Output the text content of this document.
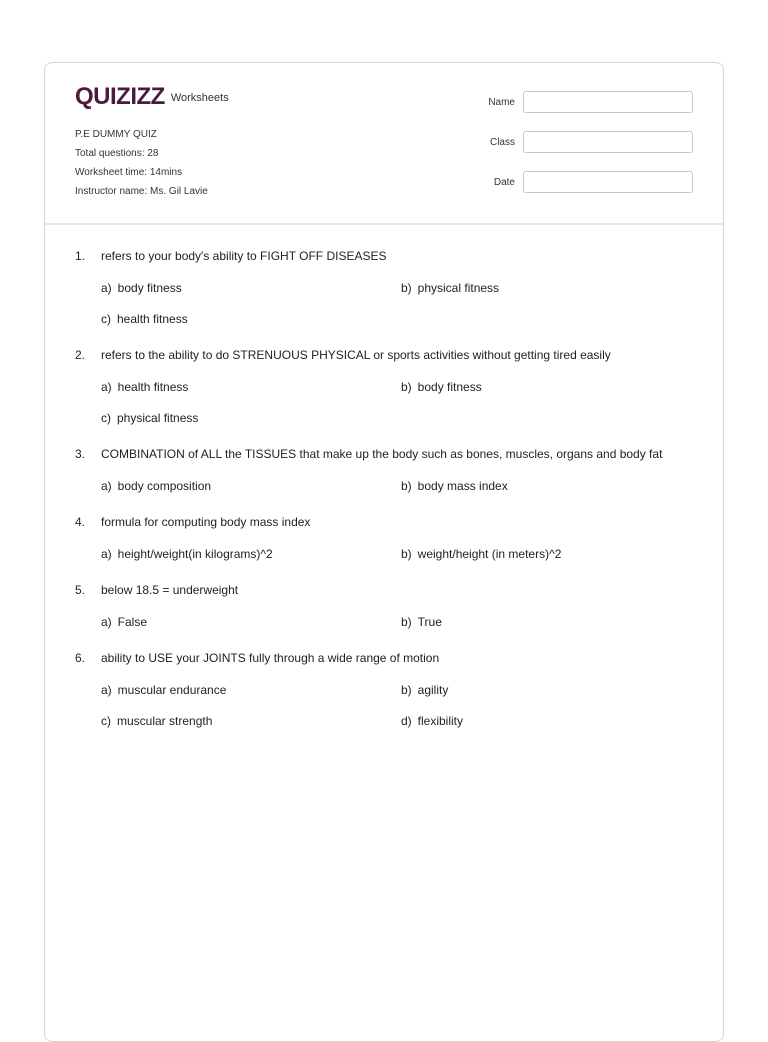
QUIZIZZ Worksheets
P.E DUMMY QUIZ
Total questions: 28
Worksheet time: 14mins
Instructor name: Ms. Gil Lavie
Name
Class
Date
1.	refers to your body's ability to FIGHT OFF DISEASES
a) body fitness	b) physical fitness
c) health fitness
2.	refers to the ability to do STRENUOUS PHYSICAL or sports activities without getting tired easily
a) health fitness	b) body fitness
c) physical fitness
3.	COMBINATION of ALL the TISSUES that make up the body such as bones, muscles, organs and body fat
a) body composition	b) body mass index
4.	formula for computing body mass index
a) height/weight(in kilograms)^2	b) weight/height (in meters)^2
5.	below 18.5 = underweight
a) False	b) True
6.	ability to USE your JOINTS fully through a wide range of motion
a) muscular endurance	b) agility
c) muscular strength	d) flexibility
